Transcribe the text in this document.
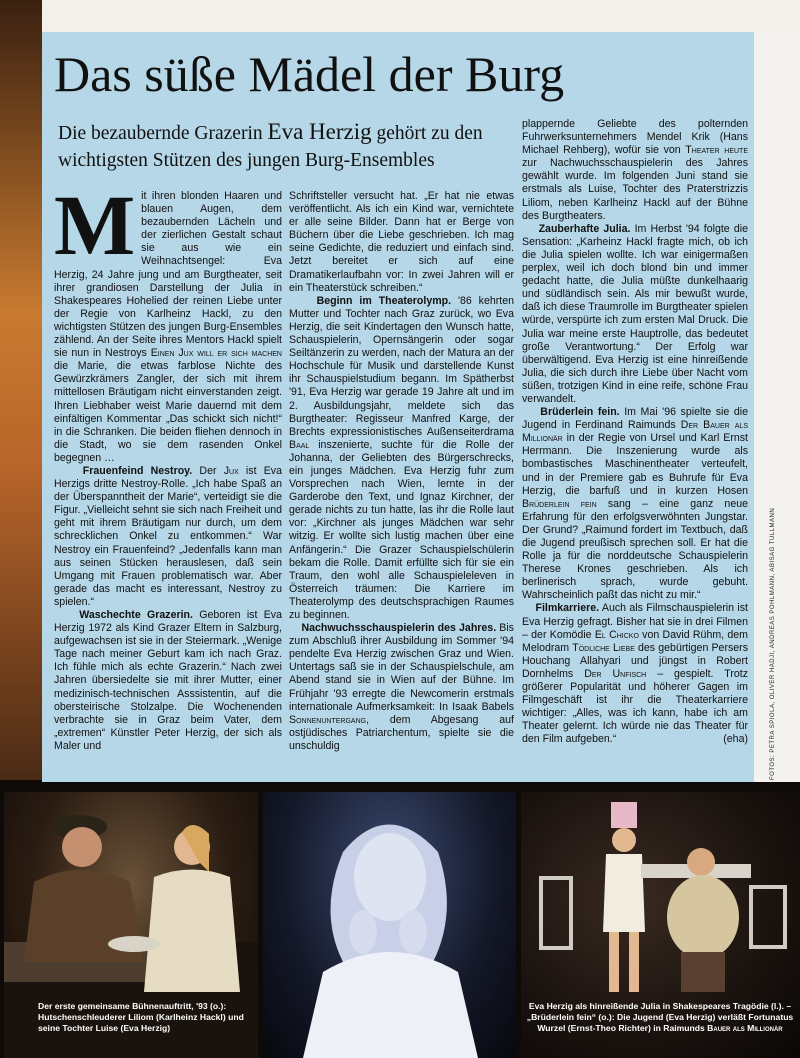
FOTOS: PETRA SPIOLA, OLIVER HADJI, ANDREAS POHLMANN, ABISAG TÜLLMANN
Das süße Mädel der Burg
Die bezaubernde Grazerin Eva Herzig gehört zu den wichtigsten Stützen des jungen Burg-Ensembles

Mit ihren blonden Haaren und blauen Augen, dem bezaubernden Lächeln und der zierlichen Gestalt schaut sie aus wie ein Weihnachtsengel: Eva Herzig, 24 Jahre jung und am Burgtheater, seit ihrer grandiosen Darstellung der Julia in Shakespeares Hohelied der reinen Liebe unter der Regie von Karlheinz Hackl, zu den wichtigsten Stützen des jungen Burg-Ensembles zählend. An der Seite ihres Mentors Hackl spielt sie nun in Nestroys Einen Jux will er sich machen die Marie, die etwas farblose Nichte des Gewürzkrämers Zangler, der sich mit ihrem mittellosen Bräutigam nicht einverstanden zeigt. Ihren Liebhaber weist Marie dauernd mit dem einfältigen Kommentar „Das schickt sich nicht!“ in die Schranken. Die beiden fliehen dennoch in die Stadt, wo sie dem rasenden Onkel begegnen …

Frauenfeind Nestroy. Der Jux ist Eva Herzigs dritte Nestroy-Rolle. „Ich habe Spaß an der Überspanntheit der Marie“, verteidigt sie die Figur. „Vielleicht sehnt sie sich nach Freiheit und geht mit ihrem Bräutigam nur durch, um dem schrecklichen Onkel zu entkommen.“ War Nestroy ein Frauenfeind? „Jedenfalls kann man aus seinen Stücken herauslesen, daß sein Umgang mit Frauen problematisch war. Aber gerade das macht es interessant, Nestroy zu spielen.“

Waschechte Grazerin. Geboren ist Eva Herzig 1972 als Kind Grazer Eltern in Salzburg, aufgewachsen ist sie in der Steiermark. „Wenige Tage nach meiner Geburt kam ich nach Graz. Ich fühle mich als echte Grazerin.“ Nach zwei Jahren übersiedelte sie mit ihrer Mutter, einer medizinisch-technischen Asssistentin, auf die obersteirische Stolzalpe. Die Wochenenden verbrachte sie in Graz beim Vater, dem „extremen“ Künstler Peter Herzig, der sich als Maler und

Schriftsteller versucht hat. „Er hat nie etwas veröffentlicht. Als ich ein Kind war, vernichtete er alle seine Bilder. Dann hat er Berge von Büchern über die Liebe geschrieben. Ich mag seine Gedichte, die reduziert und einfach sind. Jetzt bereitet er sich auf eine Dramatikerlaufbahn vor: In zwei Jahren will er ein Theaterstück schreiben.“

Beginn im Theaterolymp. '86 kehrten Mutter und Tochter nach Graz zurück, wo Eva Herzig, die seit Kindertagen den Wunsch hatte, Schauspielerin, Opernsängerin oder sogar Seiltänzerin zu werden, nach der Matura an der Hochschule für Musik und darstellende Kunst ihr Schauspielstudium begann. Im Spätherbst '91, Eva Herzig war gerade 19 Jahre alt und im 2. Ausbildungsjahr, meldete sich das Burgtheater: Regisseur Manfred Karge, der Brechts expressionistisches Außenseiterdrama Baal inszenierte, suchte für die Rolle der Johanna, der Geliebten des Bürgerschrecks, ein junges Mädchen. Eva Herzig fuhr zum Vorsprechen nach Wien, lernte in der Garderobe den Text, und Ignaz Kirchner, der gerade nichts zu tun hatte, las ihr die Rolle laut vor: „Kirchner als junges Mädchen war sehr witzig. Er wollte sich lustig machen über eine Anfängerin.“ Die Grazer Schauspielschülerin bekam die Rolle. Damit erfüllte sich für sie ein Traum, den wohl alle Schauspieleleven in Österreich träumen: Die Karriere im Theaterolymp des deutschsprachigen Raumes zu beginnen.

Nachwuchsschauspielerin des Jahres. Bis zum Abschluß ihrer Ausbildung im Sommer '94 pendelte Eva Herzig zwischen Graz und Wien. Untertags saß sie in der Schauspielschule, am Abend stand sie in Wien auf der Bühne. Im Frühjahr '93 erregte die Newcomerin erstmals internationale Aufmerksamkeit: In Isaak Babels Sonnenuntergang, dem Abgesang auf ostjüdisches Patriarchentum, spielte sie die unschuldig

plappernde Geliebte des polternden Fuhrwerksunternehmers Mendel Krik (Hans Michael Rehberg), wofür sie von Theater heute zur Nachwuchsschauspielerin des Jahres gewählt wurde. Im folgenden Juni stand sie erstmals als Luise, Tochter des Praterstrizzis Liliom, neben Karlheinz Hackl auf der Bühne des Burgtheaters.

Zauberhafte Julia. Im Herbst '94 folgte die Sensation: „Karheinz Hackl fragte mich, ob ich die Julia spielen wollte. Ich war einigermaßen perplex, weil ich doch blond bin und immer gedacht hatte, die Julia müßte dunkelhaarig und südländisch sein. Als mir bewußt wurde, daß ich diese Traumrolle im Burgtheater spielen würde, verspürte ich zum ersten Mal Druck. Die Julia war meine erste Hauptrolle, das bedeutet große Verantwortung.“ Der Erfolg war überwältigend. Eva Herzig ist eine hinreißende Julia, die sich durch ihre Liebe über Nacht vom süßen, trotzigen Kind in eine reife, schöne Frau verwandelt.

Brüderlein fein. Im Mai '96 spielte sie die Jugend in Ferdinand Raimunds Der Bauer als Millionär in der Regie von Ursel und Karl Ernst Herrmann. Die Inszenierung wurde als bombastisches Maschinentheater verteufelt, und in der Premiere gab es Buhrufe für Eva Herzig, die barfuß und in kurzen Hosen Brüderlein fein sang – eine ganz neue Erfahrung für den erfolgsverwöhnten Jungstar. Der Grund? „Raimund fordert im Textbuch, daß die Jugend preußisch sprechen soll. Er hat die Rolle ja für die norddeutsche Schauspielerin Therese Krones geschrieben. Als ich berlinerisch sprach, wurde gebuht. Wahrscheinlich paßt das nicht zu mir.“

Filmkarriere. Auch als Filmschauspielerin ist Eva Herzig gefragt. Bisher hat sie in drei Filmen – der Komödie El Chicko von David Rühm, dem Melodram Tödliche Liebe des gebürtigen Persers Houchang Allahyari und jüngst in Robert Dornhelms Der Unfisch – gespielt. Trotz größerer Popularität und höherer Gagen im Filmgeschäft ist ihr die Theaterkarriere wichtiger: „Alles, was ich kann, habe ich am Theater gelernt. Ich würde nie das Theater für den Film aufgeben.“	(eha)

Der erste gemeinsame Bühnenauftritt, '93 (o.): Hutschenschleuderer Liliom (Karlheinz Hackl) und seine Tochter Luise (Eva Herzig)
Eva Herzig als hinreißende Julia in Shakespeares Tragödie (l.). – „Brüderlein fein“ (o.): Die Jugend (Eva Herzig) verläßt Fortunatus Wurzel (Ernst-Theo Richter) in Raimunds Bauer als Millionär
